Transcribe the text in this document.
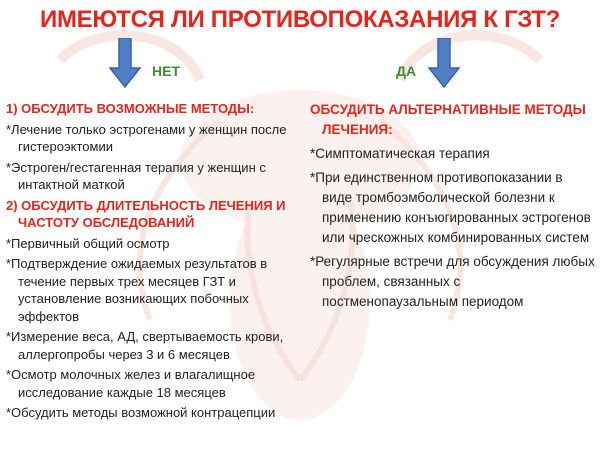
ИМЕЮТСЯ ЛИ ПРОТИВОПОКАЗАНИЯ К ГЗТ?
НЕТ	ДА
1) ОБСУДИТЬ ВОЗМОЖНЫЕ МЕТОДЫ:
*Лечение только эстрогенами у женщин после гистероэктомии
*Эстроген/гестагенная терапия у женщин с интактной маткой
2) ОБСУДИТЬ ДЛИТЕЛЬНОСТЬ ЛЕЧЕНИЯ И ЧАСТОТУ ОБСЛЕДОВАНИЙ
*Первичный общий осмотр
*Подтверждение ожидаемых результатов в течение первых трех месяцев ГЗТ и установление возникающих побочных эффектов
*Измерение веса, АД, свертываемость крови, аллергопробы через 3 и 6 месяцев
*Осмотр молочных желез и влагалищное исследование каждые 18 месяцев
*Обсудить методы возможной контрацепции
ОБСУДИТЬ АЛЬТЕРНАТИВНЫЕ МЕТОДЫ ЛЕЧЕНИЯ:
*Симптоматическая терапия
*При единственном противопоказании в виде тромбоэмболической болезни к применению конъюгированных эстрогенов или чрескожных комбинированных систем
*Регулярные встречи для обсуждения любых проблем, связанных с постменопаузальным периодом
